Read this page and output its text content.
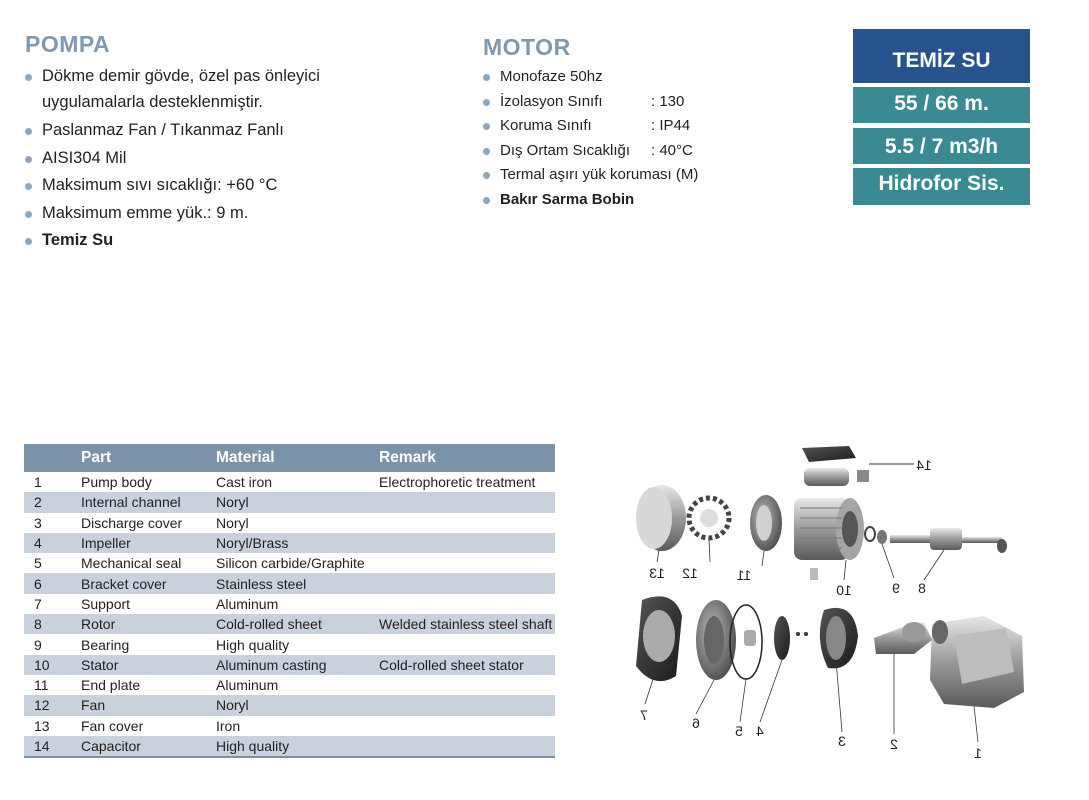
POMPA
Dökme demir gövde, özel pas önleyici uygulamalarla desteklenmiştir.
Paslanmaz Fan / Tıkanmaz Fanlı
AISI304 Mil
Maksimum sıvı sıcaklığı: +60 °C
Maksimum emme yük.: 9 m.
Temiz Su
MOTOR
Monofaze 50hz
İzolasyon Sınıfı	: 130
Koruma Sınıfı	: IP44
Dış Ortam Sıcaklığı : 40°C
Termal aşırı yük koruması (M)
Bakır Sarma Bobin
TEMİZ SU
55 / 66 m.
5.5 / 7 m3/h
Hidrofor Sis.
	Part	Material	Remark
1	Pump body	Cast iron	Electrophoretic treatment
2	Internal channel	Noryl	
3	Discharge cover	Noryl	
4	Impeller	Noryl/Brass	
5	Mechanical seal	Silicon carbide/Graphite	
6	Bracket cover	Stainless steel	
7	Support	Aluminum	
8	Rotor	Cold-rolled sheet	Welded stainless steel shaft
9	Bearing	High quality	
10	Stator	Aluminum casting	Cold-rolled sheet stator
11	End plate	Aluminum	
12	Fan	Noryl	
13	Fan cover	Iron	
14	Capacitor	High quality	
14
13 12	11
10	9 8
7	6	5 4
3	2
1
